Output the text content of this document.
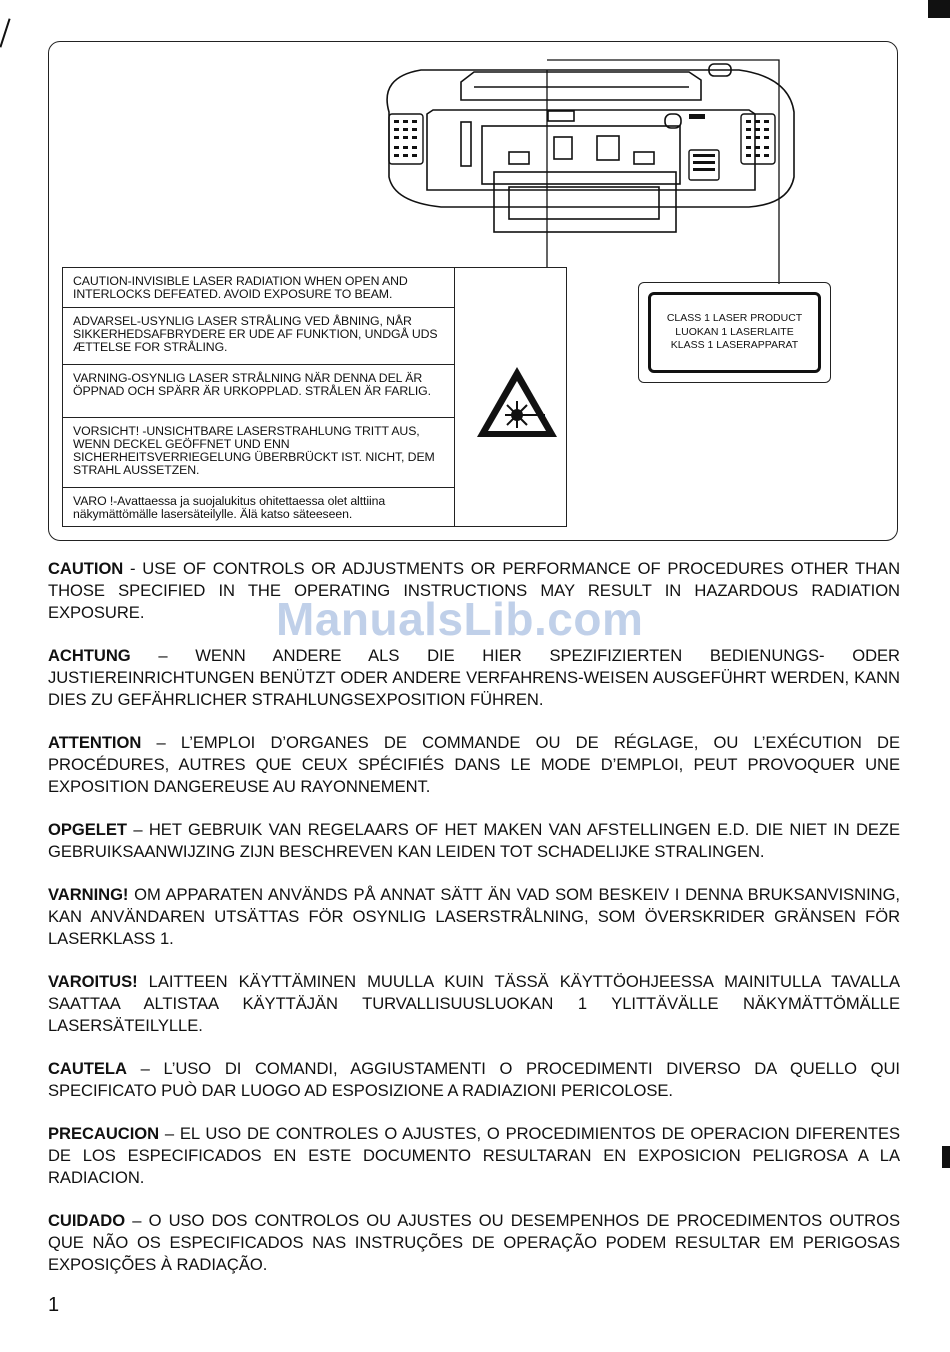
CAUTION-INVISIBLE LASER RADIATION WHEN OPEN AND INTERLOCKS DEFEATED. AVOID EXPOSURE TO BEAM.
ADVARSEL-USYNLIG LASER STRÅLING VED ÅBNING, NÅR SIKKERHEDSAFBRYDERE ER UDE AF FUNKTION, UNDGÅ UDS ÆTTELSE FOR STRÅLING.
VARNING-OSYNLIG LASER STRÅLNING NÄR DENNA DEL ÄR ÖPPNAD OCH SPÄRR ÄR URKOPPLAD. STRÅLEN ÄR FARLIG.
VORSICHT! -UNSICHTBARE LASERSTRAHLUNG TRITT AUS, WENN DECKEL GEÖFFNET UND ENN SICHERHEITSVERRIEGELUNG ÜBERBRÜCKT IST. NICHT, DEM STRAHL AUSSETZEN.
VARO !-Avattaessa ja suojalukitus ohitettaessa olet alttiina näkymättömälle lasersäteilylle. Älä katso säteeseen.
CLASS 1 LASER PRODUCT
LUOKAN 1 LASERLAITE
KLASS 1 LASERAPPARAT

CAUTION - USE OF CONTROLS OR ADJUSTMENTS OR PERFORMANCE OF PROCEDURES OTHER THAN THOSE SPECIFIED IN THE OPERATING INSTRUCTIONS MAY RESULT IN HAZARDOUS RADIATION EXPOSURE.

ACHTUNG – WENN ANDERE ALS DIE HIER SPEZIFIZIERTEN BEDIENUNGS- ODER JUSTIEREINRICHTUNGEN BENÜTZT ODER ANDERE VERFAHRENS-WEISEN AUSGEFÜHRT WERDEN, KANN DIES ZU GEFÄHRLICHER STRAHLUNGSEXPOSITION FÜHREN.

ATTENTION – L’EMPLOI D’ORGANES DE COMMANDE OU DE RÉGLAGE, OU L’EXÉCUTION DE PROCÉDURES, AUTRES QUE CEUX SPÉCIFIÉS DANS LE MODE D’EMPLOI, PEUT PROVOQUER UNE EXPOSITION DANGEREUSE AU RAYONNEMENT.

OPGELET – HET GEBRUIK VAN REGELAARS OF HET MAKEN VAN AFSTELLINGEN E.D. DIE NIET IN DEZE GEBRUIKSAANWIJZING ZIJN BESCHREVEN KAN LEIDEN TOT SCHADELIJKE STRALINGEN.

VARNING! OM APPARATEN ANVÄNDS PÅ ANNAT SÄTT ÄN VAD SOM BESKEIV I DENNA BRUKSANVISNING, KAN ANVÄNDAREN UTSÄTTAS FÖR OSYNLIG LASERSTRÅLNING, SOM ÖVERSKRIDER GRÄNSEN FÖR LASERKLASS 1.

VAROITUS! LAITTEEN KÄYTTÄMINEN MUULLA KUIN TÄSSÄ KÄYTTÖOHJEESSA MAINITULLA TAVALLA SAATTAA ALTISTAA KÄYTTÄJÄN TURVALLISUUSLUOKAN 1 YLITTÄVÄLLE NÄKYMÄTTÖMÄLLE LASERSÄTEILYLLE.

CAUTELA – L’USO DI COMANDI, AGGIUSTAMENTI O PROCEDIMENTI DIVERSO DA QUELLO QUI SPECIFICATO PUÒ DAR LUOGO AD ESPOSIZIONE A RADIAZIONI PERICOLOSE.

PRECAUCION – EL USO DE CONTROLES O AJUSTES, O PROCEDIMIENTOS DE OPERACION DIFERENTES DE LOS ESPECIFICADOS EN ESTE DOCUMENTO RESULTARAN EN EXPOSICION PELIGROSA A LA RADIACION.

CUIDADO – O USO DOS CONTROLOS OU AJUSTES OU DESEMPENHOS DE PROCEDIMENTOS OUTROS QUE NÃO OS ESPECIFICADOS NAS INSTRUÇÕES DE OPERAÇÃO PODEM RESULTAR EM PERIGOSAS EXPOSIÇÕES À RADIAÇÃO.

ManualsLib.com
1
